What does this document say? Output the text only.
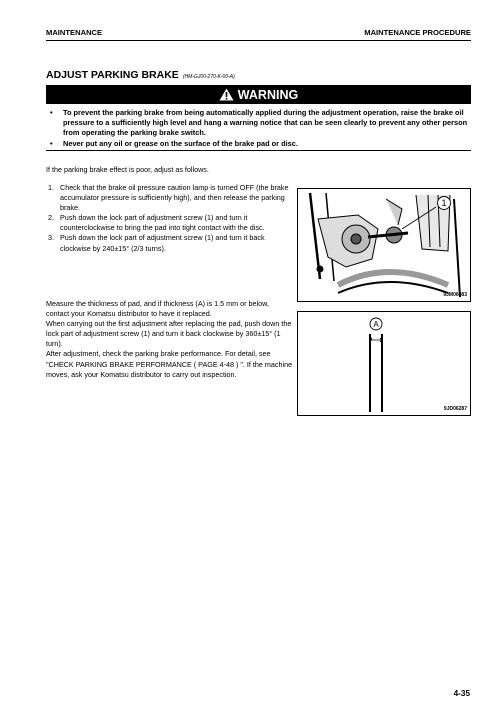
MAINTENANCE	MAINTENANCE PROCEDURE
ADJUST PARKING BRAKE (HM-GJ00-270-K-00-A)
WARNING
• To prevent the parking brake from being automatically applied during the adjustment operation, raise the brake oil pressure to a sufficiently high level and hang a warning notice that can be seen clearly to prevent any other person from operating the parking brake switch.
• Never put any oil or grease on the surface of the brake pad or disc.
If the parking brake effect is poor, adjust as follows.
1. Check that the brake oil pressure caution lamp is turned OFF (the brake accumulator pressure is sufficiently high), and then release the parking brake.
2. Push down the lock part of adjustment screw (1) and turn it counterclockwise to bring the pad into tight contact with the disc.
3. Push down the lock part of adjustment screw (1) and turn it back clockwise by 240±15° (2/3 turns).
1
9JM06083
Measure the thickness of pad, and if thickness (A) is 1.5 mm or below, contact your Komatsu distributor to have it replaced.
When carrying out the first adjustment after replacing the pad, push down the lock part of adjustment screw (1) and turn it back clockwise by 360±15° (1 turn).
After adjustment, check the parking brake performance. For detail, see "CHECK PARKING BRAKE PERFORMANCE ( PAGE 4-48 ) ". If the machine moves, ask your Komatsu distributor to carry out inspection.
A
9JD06287
4-35
